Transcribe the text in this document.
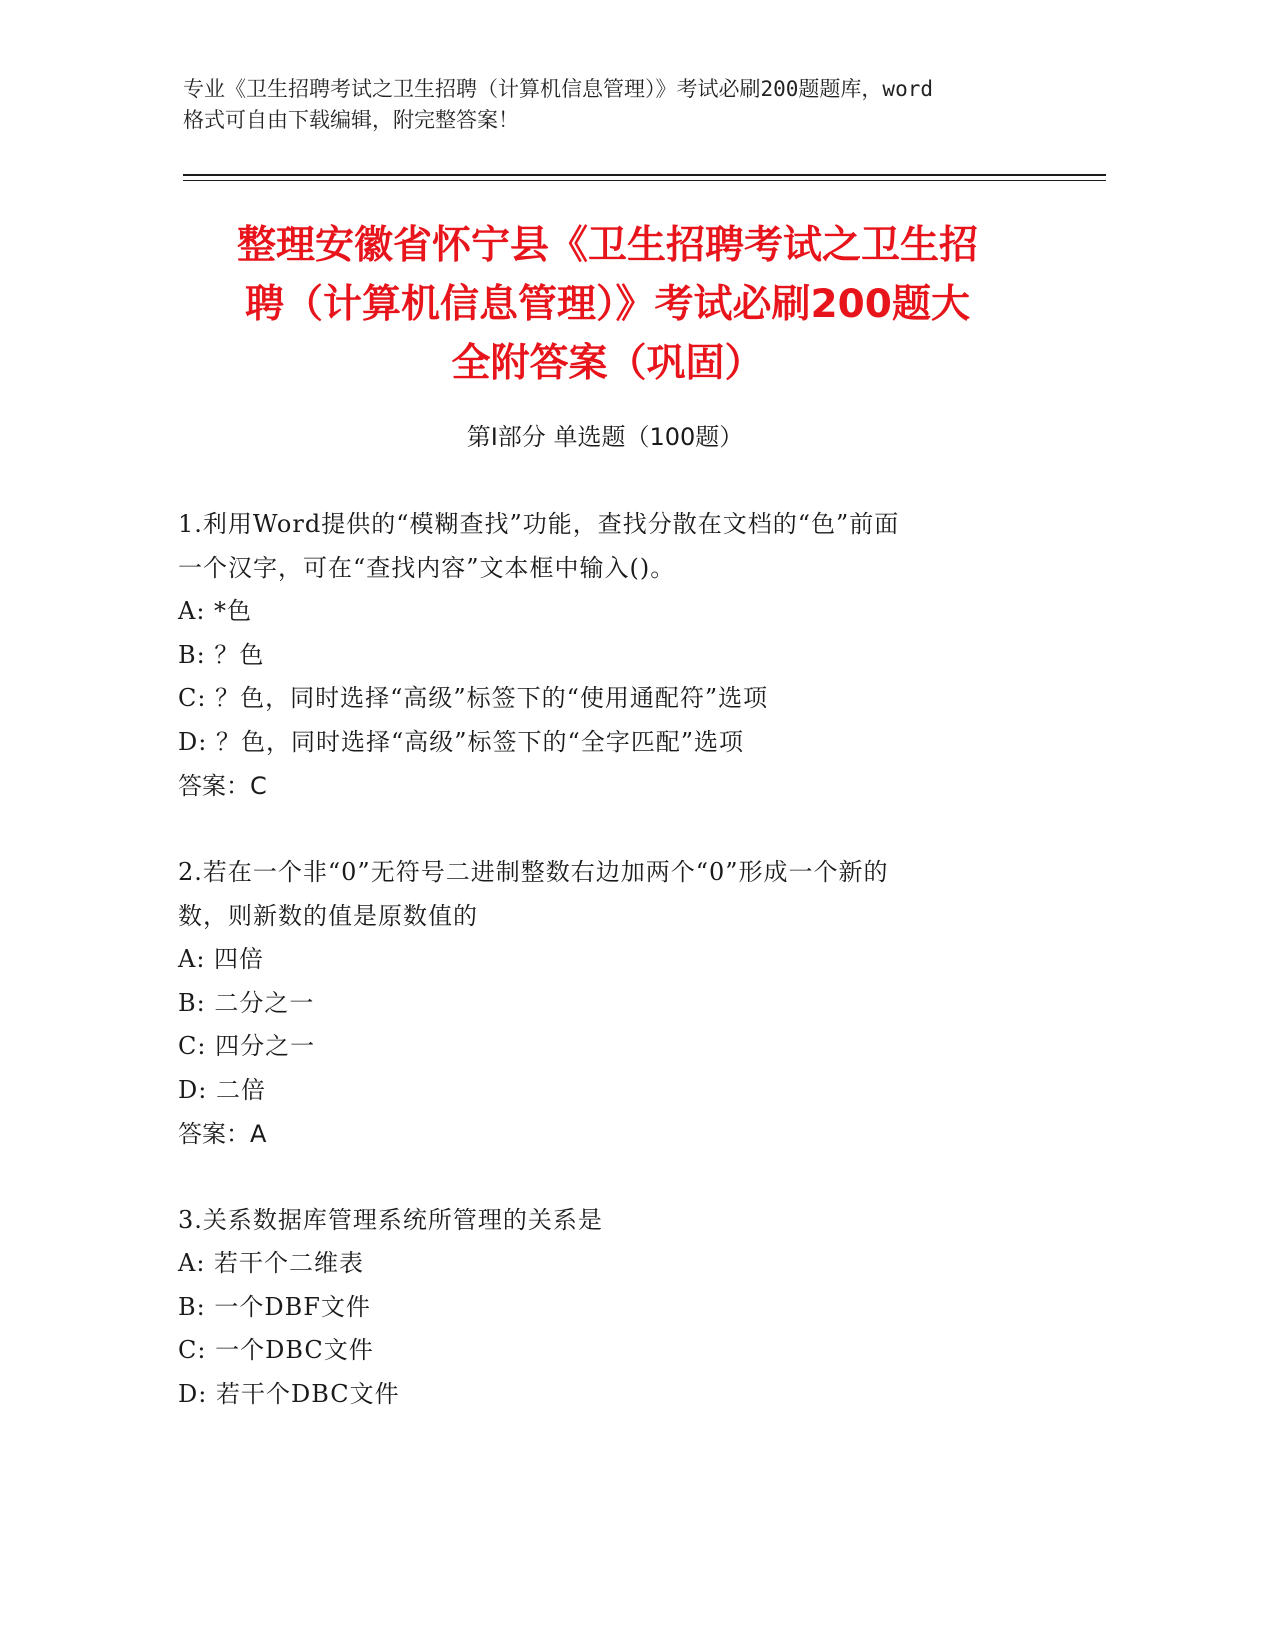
专业《卫生招聘考试之卫生招聘（计算机信息管理）》考试必刷200题题库，word
格式可自由下载编辑，附完整答案！
整理安徽省怀宁县《卫生招聘考试之卫生招
聘（计算机信息管理）》考试必刷200题大
全附答案（巩固）
第Ⅰ部分 单选题（100题）
1.利用Word提供的“模糊查找”功能，查找分散在文档的“色”前面
一个汉字，可在“查找内容”文本框中输入()。
A: *色
B: ？色
C: ？色，同时选择“高级”标签下的“使用通配符”选项
D: ？色，同时选择“高级”标签下的“全字匹配”选项
答案：C
2.若在一个非“0”无符号二进制整数右边加两个“0”形成一个新的
数，则新数的值是原数值的
A: 四倍
B: 二分之一
C: 四分之一
D: 二倍
答案：A
3.关系数据库管理系统所管理的关系是
A: 若干个二维表
B: 一个DBF文件
C: 一个DBC文件
D: 若干个DBC文件
